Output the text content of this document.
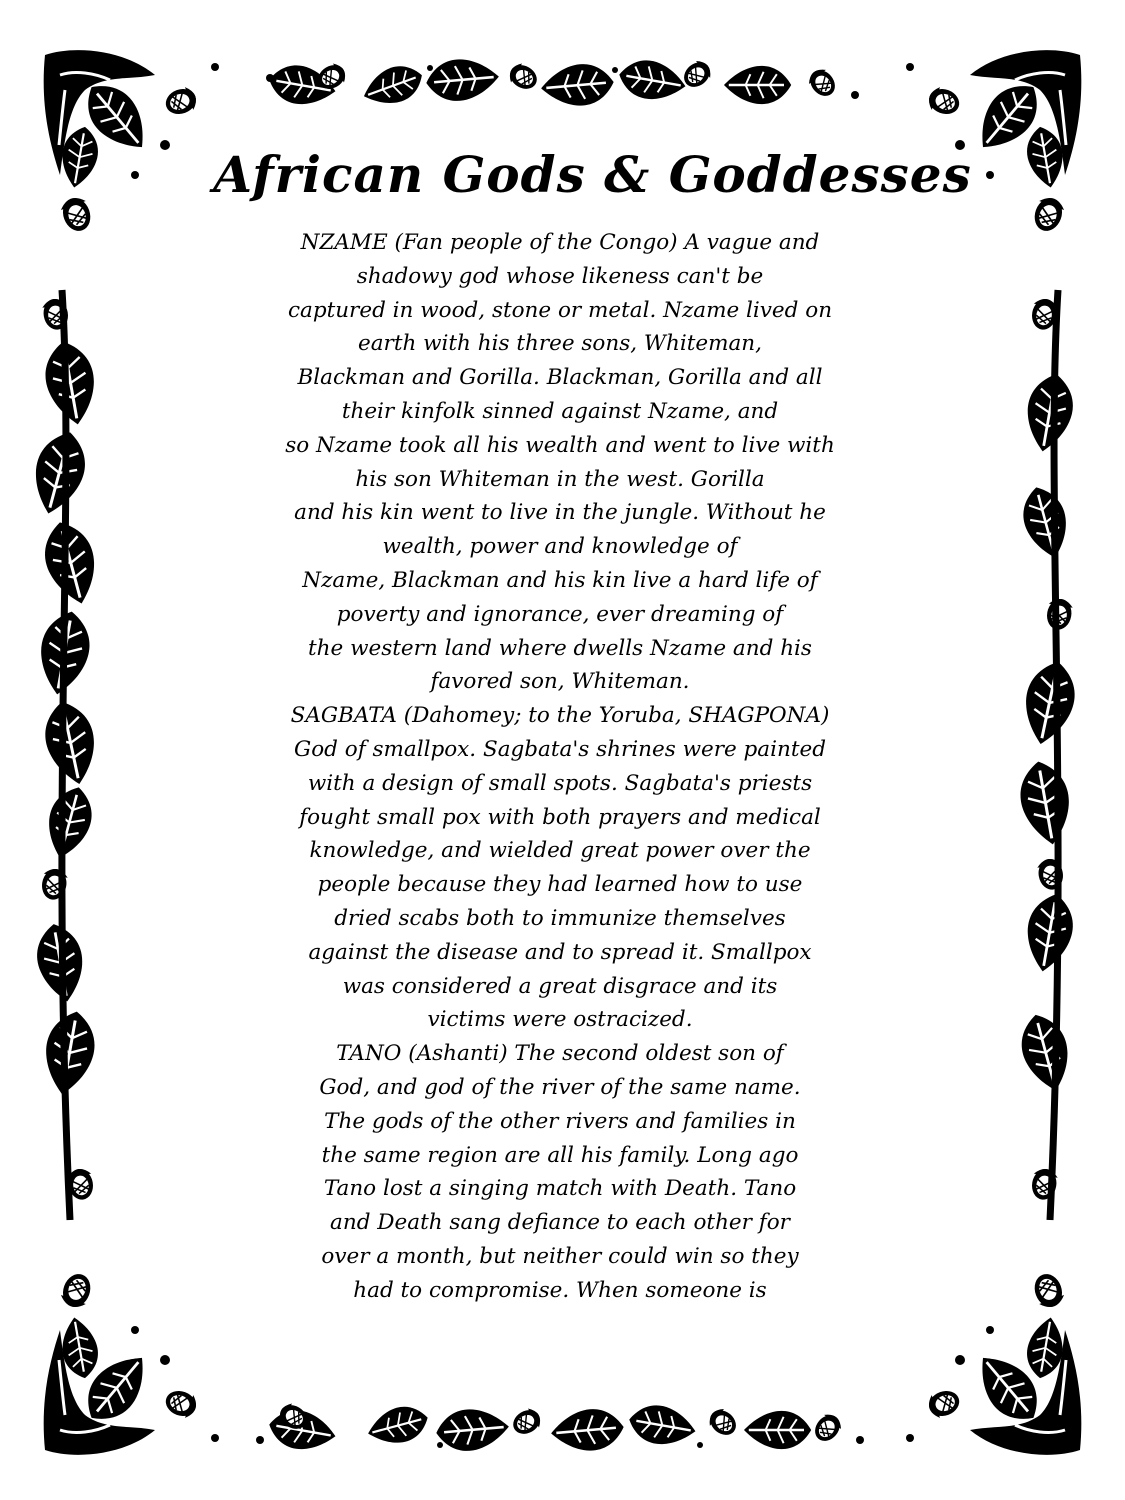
African Gods & Goddesses
NZAME (Fan people of the Congo) A vague and
shadowy god whose likeness can't be
captured in wood, stone or metal. Nzame lived on
earth with his three sons, Whiteman,
Blackman and Gorilla. Blackman, Gorilla and all
their kinfolk sinned against Nzame, and
so Nzame took all his wealth and went to live with
his son Whiteman in the west. Gorilla
and his kin went to live in the jungle. Without he
wealth, power and knowledge of
Nzame, Blackman and his kin live a hard life of
poverty and ignorance, ever dreaming of
the western land where dwells Nzame and his
favored son, Whiteman.
SAGBATA (Dahomey; to the Yoruba, SHAGPONA)
God of smallpox. Sagbata's shrines were painted
with a design of small spots. Sagbata's priests
fought small pox with both prayers and medical
knowledge, and wielded great power over the
people because they had learned how to use
dried scabs both to immunize themselves
against the disease and to spread it. Smallpox
was considered a great disgrace and its
victims were ostracized.
TANO (Ashanti) The second oldest son of
God, and god of the river of the same name.
The gods of the other rivers and families in
the same region are all his family. Long ago
Tano lost a singing match with Death. Tano
and Death sang defiance to each other for
over a month, but neither could win so they
had to compromise. When someone is
